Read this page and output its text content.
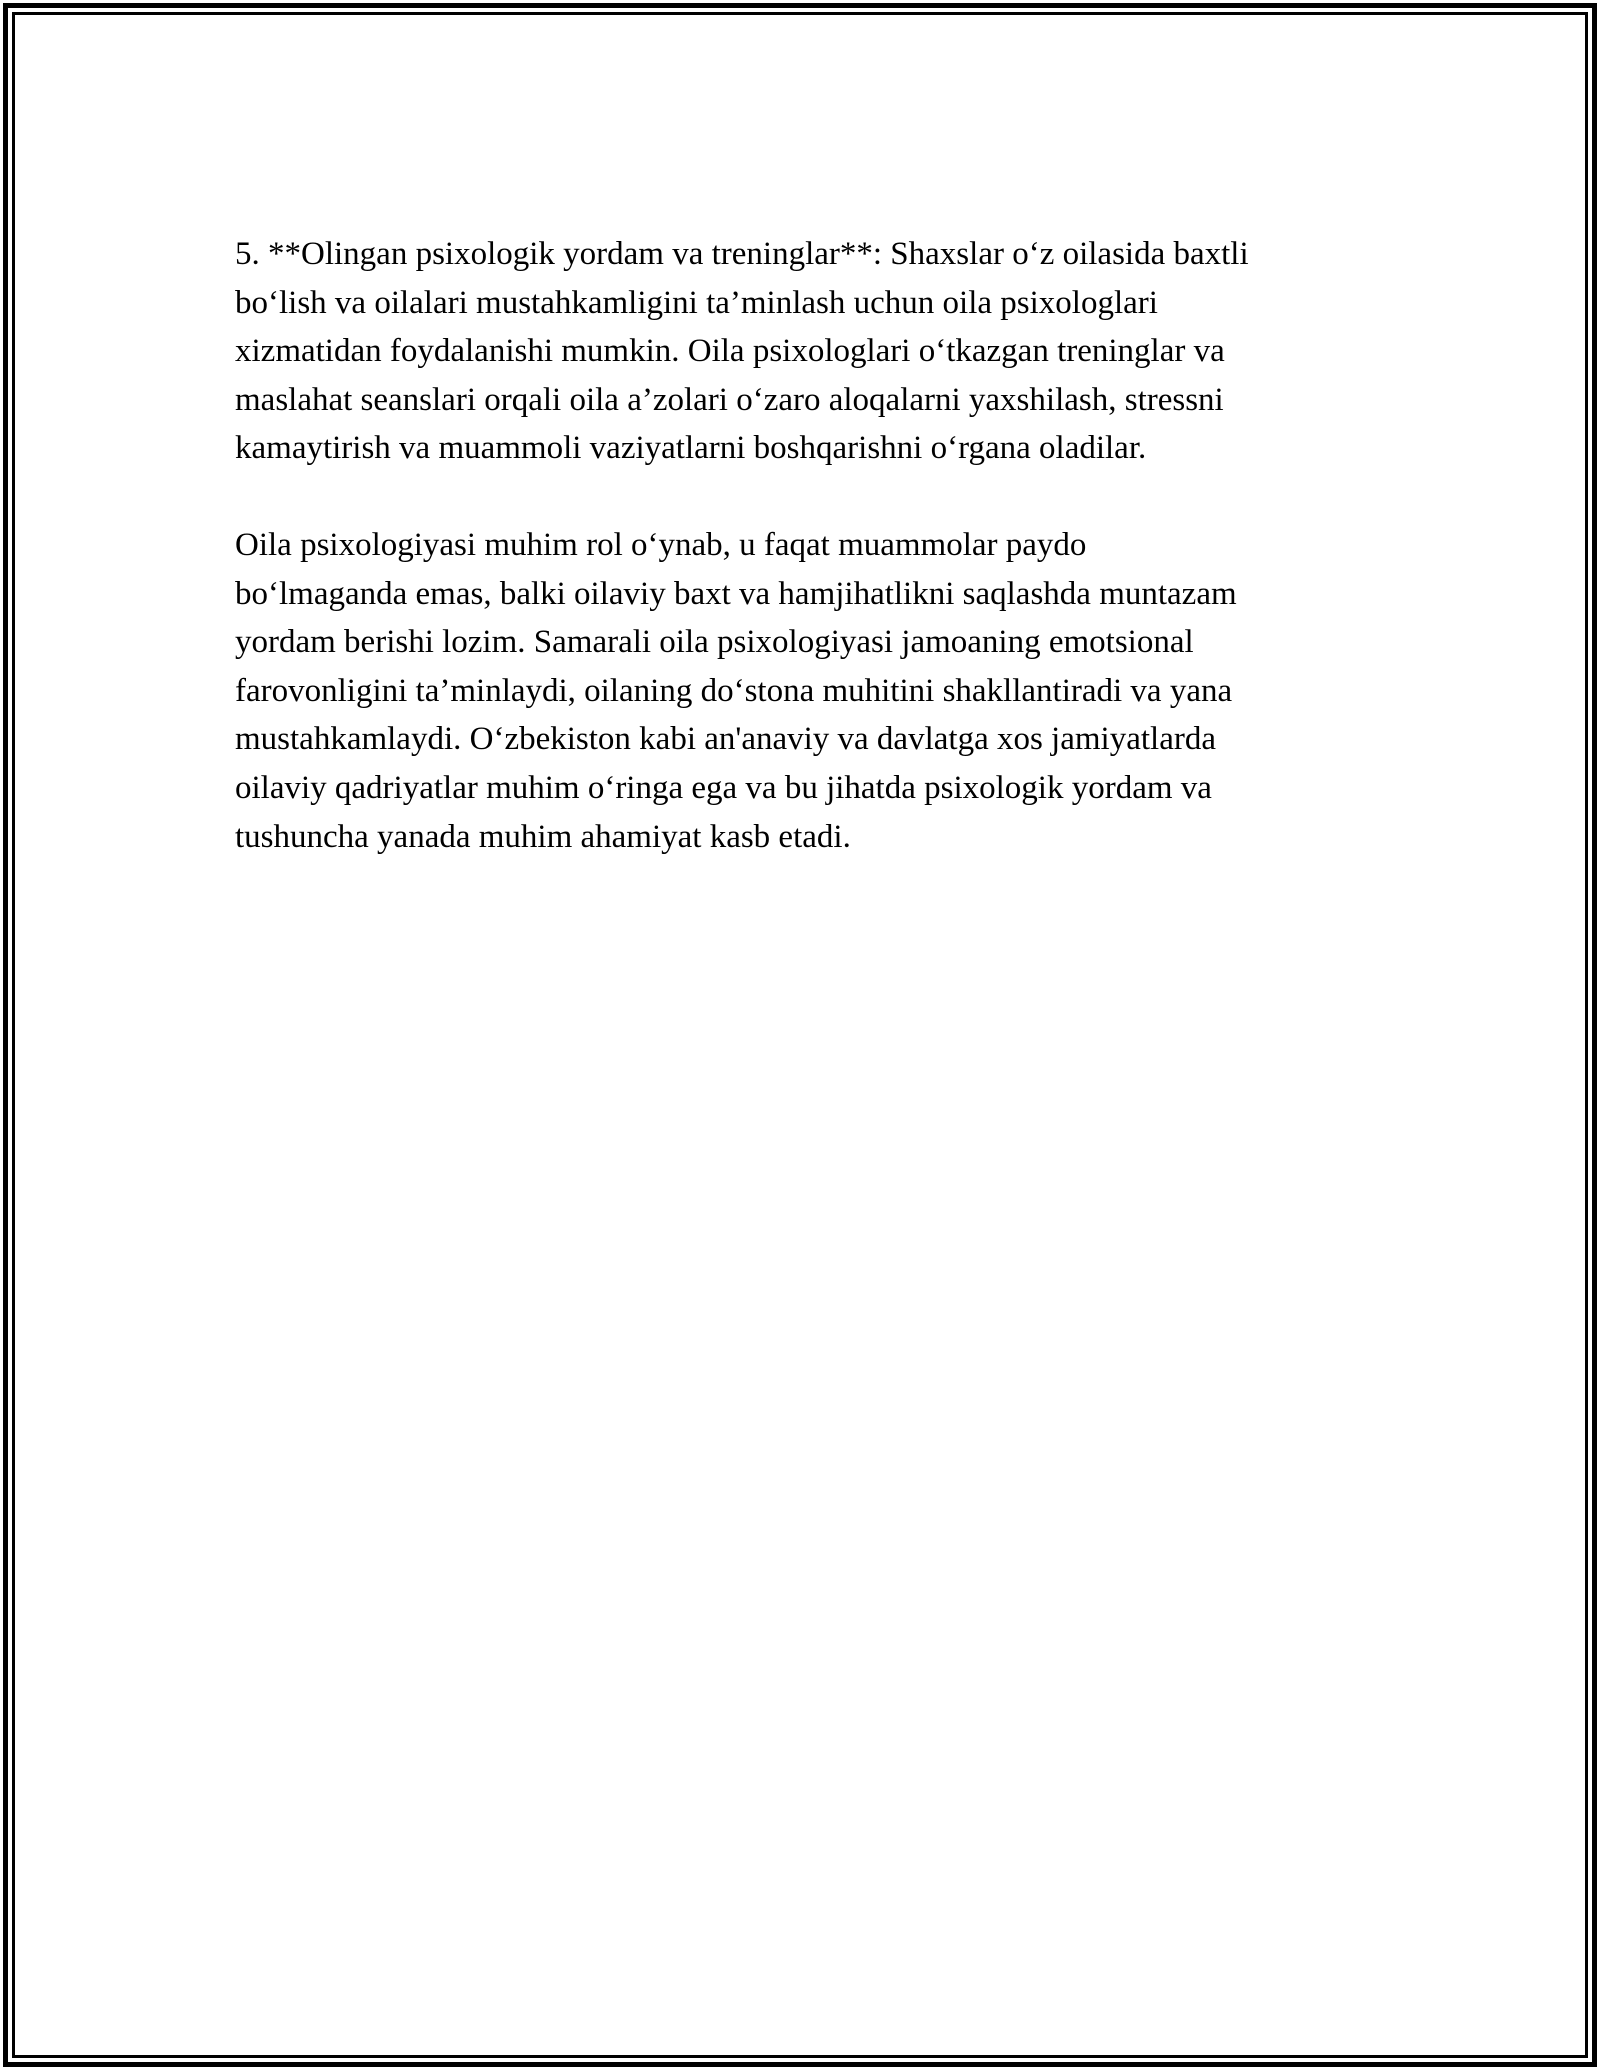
5. **Olingan psixologik yordam va treninglar**: Shaxslar o‘z oilasida baxtli
bo‘lish va oilalari mustahkamligini ta’minlash uchun oila psixologlari
xizmatidan foydalanishi mumkin. Oila psixologlari o‘tkazgan treninglar va
maslahat seanslari orqali oila a’zolari o‘zaro aloqalarni yaxshilash, stressni
kamaytirish va muammoli vaziyatlarni boshqarishni o‘rgana oladilar.

Oila psixologiyasi muhim rol o‘ynab, u faqat muammolar paydo
bo‘lmaganda emas, balki oilaviy baxt va hamjihatlikni saqlashda muntazam
yordam berishi lozim. Samarali oila psixologiyasi jamoaning emotsional
farovonligini ta’minlaydi, oilaning do‘stona muhitini shakllantiradi va yana
mustahkamlaydi. O‘zbekiston kabi an'anaviy va davlatga xos jamiyatlarda
oilaviy qadriyatlar muhim o‘ringa ega va bu jihatda psixologik yordam va
tushuncha yanada muhim ahamiyat kasb etadi.
